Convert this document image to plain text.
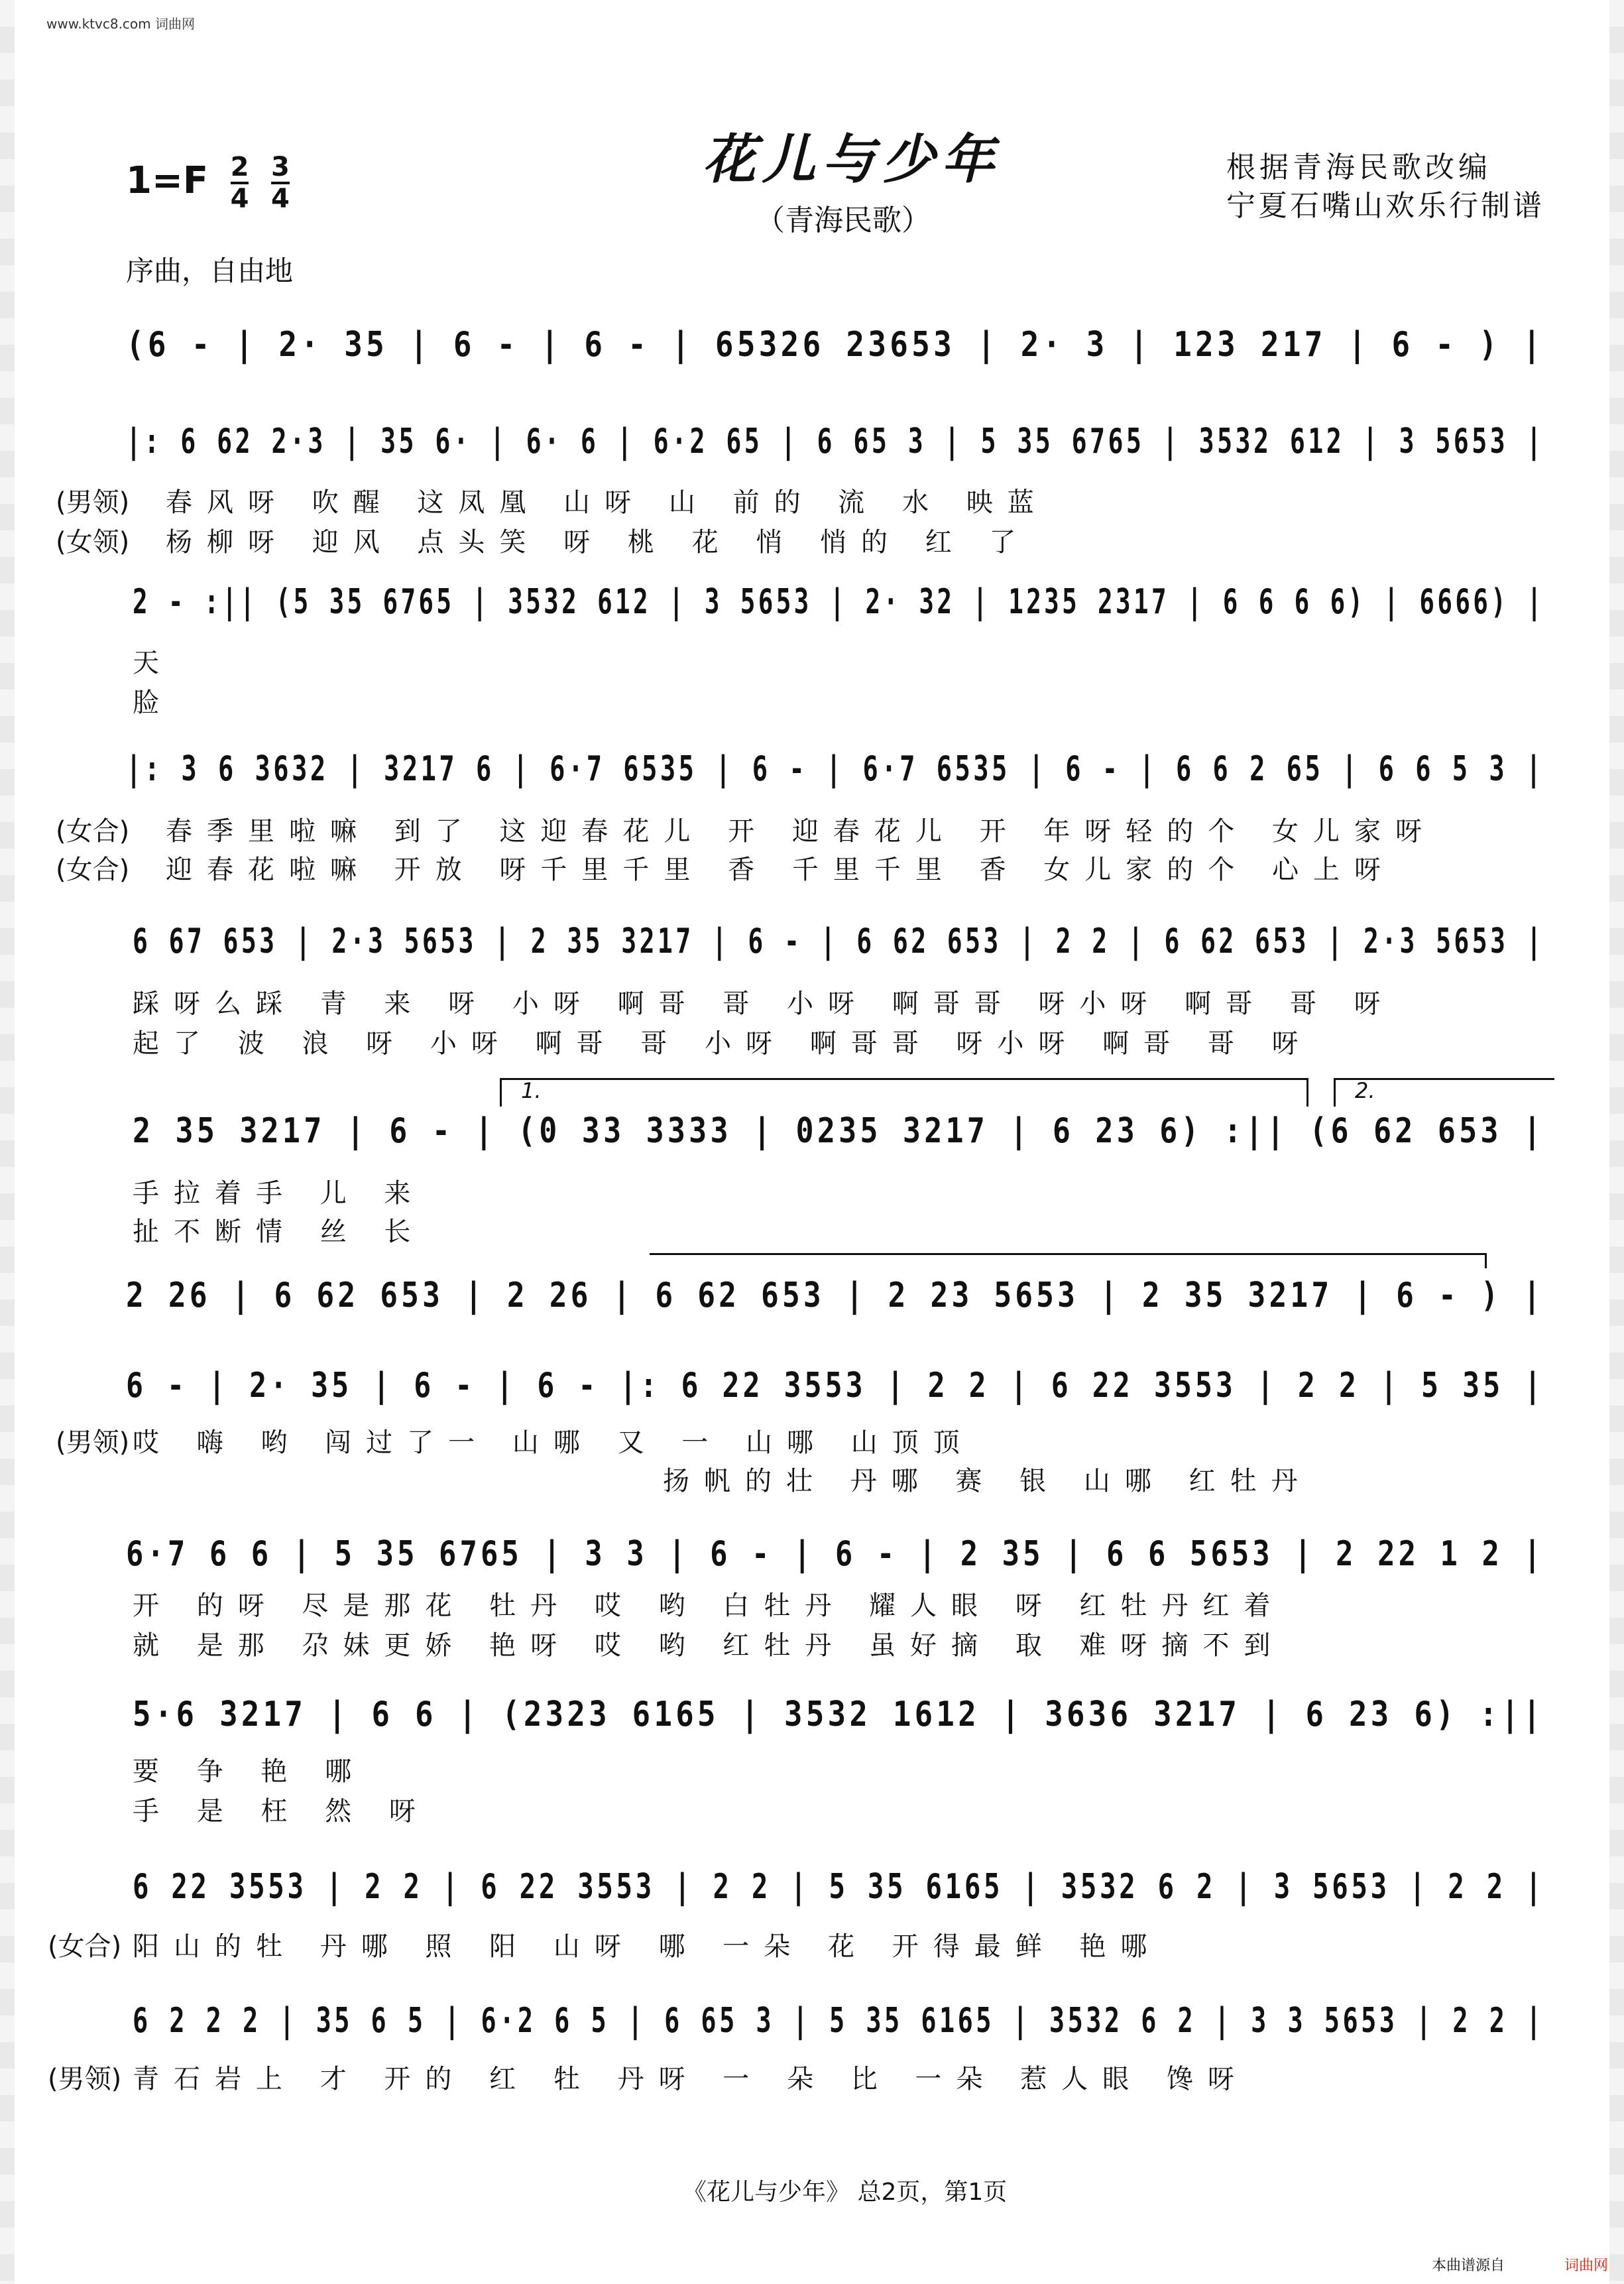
www.ktvc8.com 词曲网
$1=F \frac{2}{4}$
$\frac{3}{4}$	花儿与少年
（青海民歌）
根据青海民歌改编
宁夏石嘴山欢乐行制谱
序曲，自由地
(6 - | 2· 35 | 6 - | 6 - | 65326 23653 | 2· 3 | 123 217 | 6 - ) |
|: 6 62 2·3 | 35 6· | 6· 6 | 6·2 65 | 6 65 3 | 5 35 6765 | 3532 612 | 3 5653 |
(男领)
(女领)
春风呀 吹醒 这凤凰 山呀 山 前的 流 水 映蓝
杨柳呀 迎风 点头笑 呀 桃 花 悄 悄的 红 了
2 - :|| (5 35 6765 | 3532 612 | 3 5653 | 2· 32 | 1235 2317 | 6 6 6 6) | 6666) |
天
脸
|: 3 6 3632 | 3217 6 | 6·7 6535 | 6 - | 6·7 6535 | 6 - | 6 6 2 65 | 6 6 5 3 |
(女合)
(女合)
春季里啦嘛 到了 这迎春花儿 开 迎春花儿 开 年呀轻的个 女儿家呀
迎春花啦嘛 开放 呀千里千里 香 千里千里 香 女儿家的个 心上呀
6 67 653 | 2·3 5653 | 2 35 3217 | 6 - | 6 62 653 | 2 2 | 6 62 653 | 2·3 5653 |
踩呀么踩 青 来 呀 小呀 啊哥 哥 小呀 啊哥哥 呀小呀 啊哥 哥 呀
起了 波 浪 呀 小呀 啊哥 哥 小呀 啊哥哥 呀小呀 啊哥 哥 呀
1.	2.
2 35 3217 | 6 - | (0 33 3333 | 0235 3217 | 6 23 6) :|| (6 62 653 |
手拉着手 儿 来
扯不断情 丝 长
2 26 | 6 62 653 | 2 26 | 6 62 653 | 2 23 5653 | 2 35 3217 | 6 - ) |
6 - | 2· 35 | 6 - | 6 - |: 6 22 3553 | 2 2 | 6 22 3553 | 2 2 | 5 35 |
(男领) 哎 嗨 哟 闯过了一 山哪 又 一 山哪 山顶顶
扬帆的壮 丹哪 赛 银 山哪 红牡丹
6·7 6 6 | 5 35 6765 | 3 3 | 6 - | 6 - | 2 35 | 6 6 5653 | 2 22 1 2 |
开 的呀 尽是那花 牡丹 哎 哟 白牡丹 耀人眼 呀 红牡丹红着
就 是那 尕妹更娇 艳呀 哎 哟 红牡丹 虽好摘 取 难呀摘不到
5·6 3217 | 6 6 | (2323 6165 | 3532 1612 | 3636 3217 | 6 23 6) :||
要 争 艳 哪
手 是 枉 然 呀
6 22 3553 | 2 2 | 6 22 3553 | 2 2 | 5 35 6165 | 3532 6 2 | 3 5653 | 2 2 |
(女合) 阳山的牡 丹哪 照 阳 山呀 哪 一朵 花 开得最鲜 艳哪
6 2 2 2 | 35 6 5 | 6·2 6 5 | 6 65 3 | 5 35 6165 | 3532 6 2 | 3 3 5653 | 2 2 |
(男领) 青石岩上 才 开的 红 牡 丹呀 一 朵 比 一朵 惹人眼 馋呀
《花儿与少年》 总2页，第1页
本曲谱源自	词曲网
